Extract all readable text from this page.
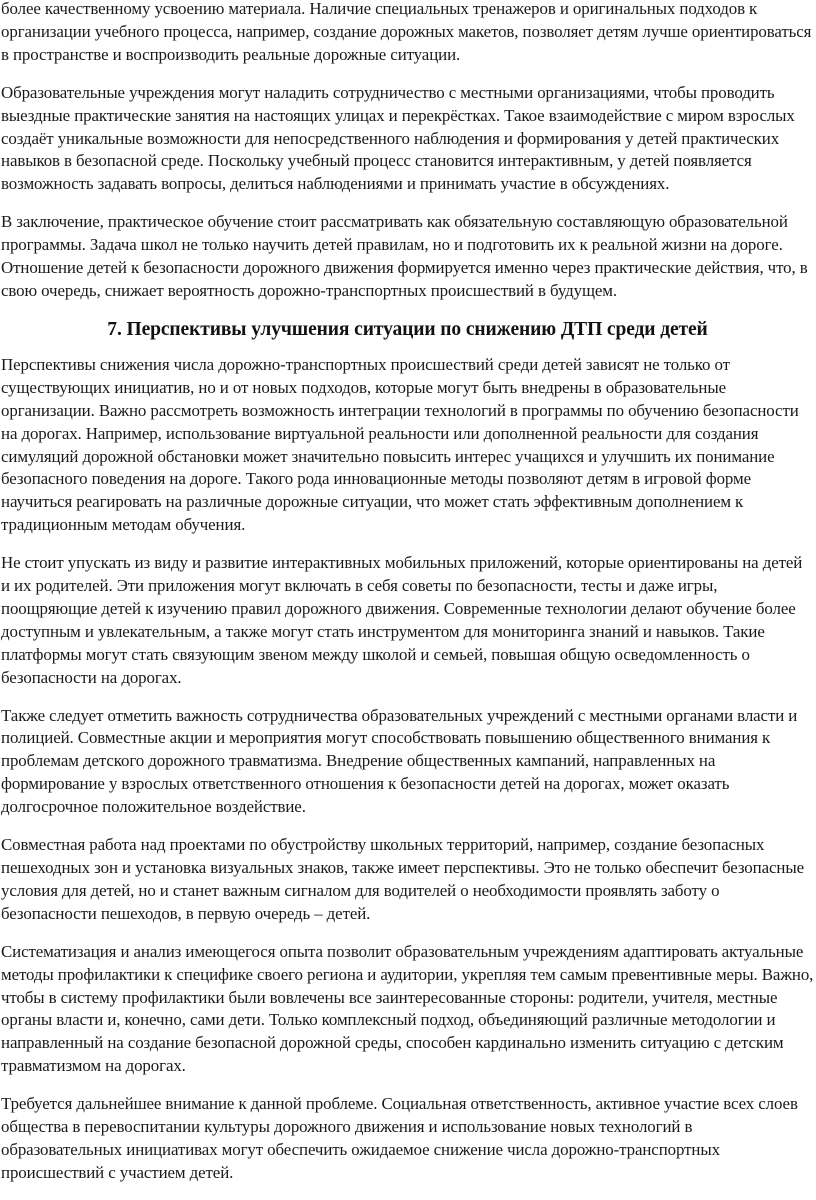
более качественному усвоению материала. Наличие специальных тренажеров и оригинальных подходов к организации учебного процесса, например, создание дорожных макетов, позволяет детям лучше ориентироваться в пространстве и воспроизводить реальные дорожные ситуации.

Образовательные учреждения могут наладить сотрудничество с местными организациями, чтобы проводить выездные практические занятия на настоящих улицах и перекрёстках. Такое взаимодействие с миром взрослых создаёт уникальные возможности для непосредственного наблюдения и формирования у детей практических навыков в безопасной среде. Поскольку учебный процесс становится интерактивным, у детей появляется возможность задавать вопросы, делиться наблюдениями и принимать участие в обсуждениях.

В заключение, практическое обучение стоит рассматривать как обязательную составляющую образовательной программы. Задача школ не только научить детей правилам, но и подготовить их к реальной жизни на дороге. Отношение детей к безопасности дорожного движения формируется именно через практические действия, что, в свою очередь, снижает вероятность дорожно-транспортных происшествий в будущем.

7. Перспективы улучшения ситуации по снижению ДТП среди детей

Перспективы снижения числа дорожно-транспортных происшествий среди детей зависят не только от существующих инициатив, но и от новых подходов, которые могут быть внедрены в образовательные организации. Важно рассмотреть возможность интеграции технологий в программы по обучению безопасности на дорогах. Например, использование виртуальной реальности или дополненной реальности для создания симуляций дорожной обстановки может значительно повысить интерес учащихся и улучшить их понимание безопасного поведения на дороге. Такого рода инновационные методы позволяют детям в игровой форме научиться реагировать на различные дорожные ситуации, что может стать эффективным дополнением к традиционным методам обучения.

Не стоит упускать из виду и развитие интерактивных мобильных приложений, которые ориентированы на детей и их родителей. Эти приложения могут включать в себя советы по безопасности, тесты и даже игры, поощряющие детей к изучению правил дорожного движения. Современные технологии делают обучение более доступным и увлекательным, а также могут стать инструментом для мониторинга знаний и навыков. Такие платформы могут стать связующим звеном между школой и семьей, повышая общую осведомленность о безопасности на дорогах.

Также следует отметить важность сотрудничества образовательных учреждений с местными органами власти и полицией. Совместные акции и мероприятия могут способствовать повышению общественного внимания к проблемам детского дорожного травматизма. Внедрение общественных кампаний, направленных на формирование у взрослых ответственного отношения к безопасности детей на дорогах, может оказать долгосрочное положительное воздействие.

Совместная работа над проектами по обустройству школьных территорий, например, создание безопасных пешеходных зон и установка визуальных знаков, также имеет перспективы. Это не только обеспечит безопасные условия для детей, но и станет важным сигналом для водителей о необходимости проявлять заботу о безопасности пешеходов, в первую очередь – детей.

Систематизация и анализ имеющегося опыта позволит образовательным учреждениям адаптировать актуальные методы профилактики к специфике своего региона и аудитории, укрепляя тем самым превентивные меры. Важно, чтобы в систему профилактики были вовлечены все заинтересованные стороны: родители, учителя, местные органы власти и, конечно, сами дети. Только комплексный подход, объединяющий различные методологии и направленный на создание безопасной дорожной среды, способен кардинально изменить ситуацию с детским травматизмом на дорогах.

Требуется дальнейшее внимание к данной проблеме. Социальная ответственность, активное участие всех слоев общества в перевоспитании культуры дорожного движения и использование новых технологий в образовательных инициативах могут обеспечить ожидаемое снижение числа дорожно-транспортных происшествий с участием детей.
